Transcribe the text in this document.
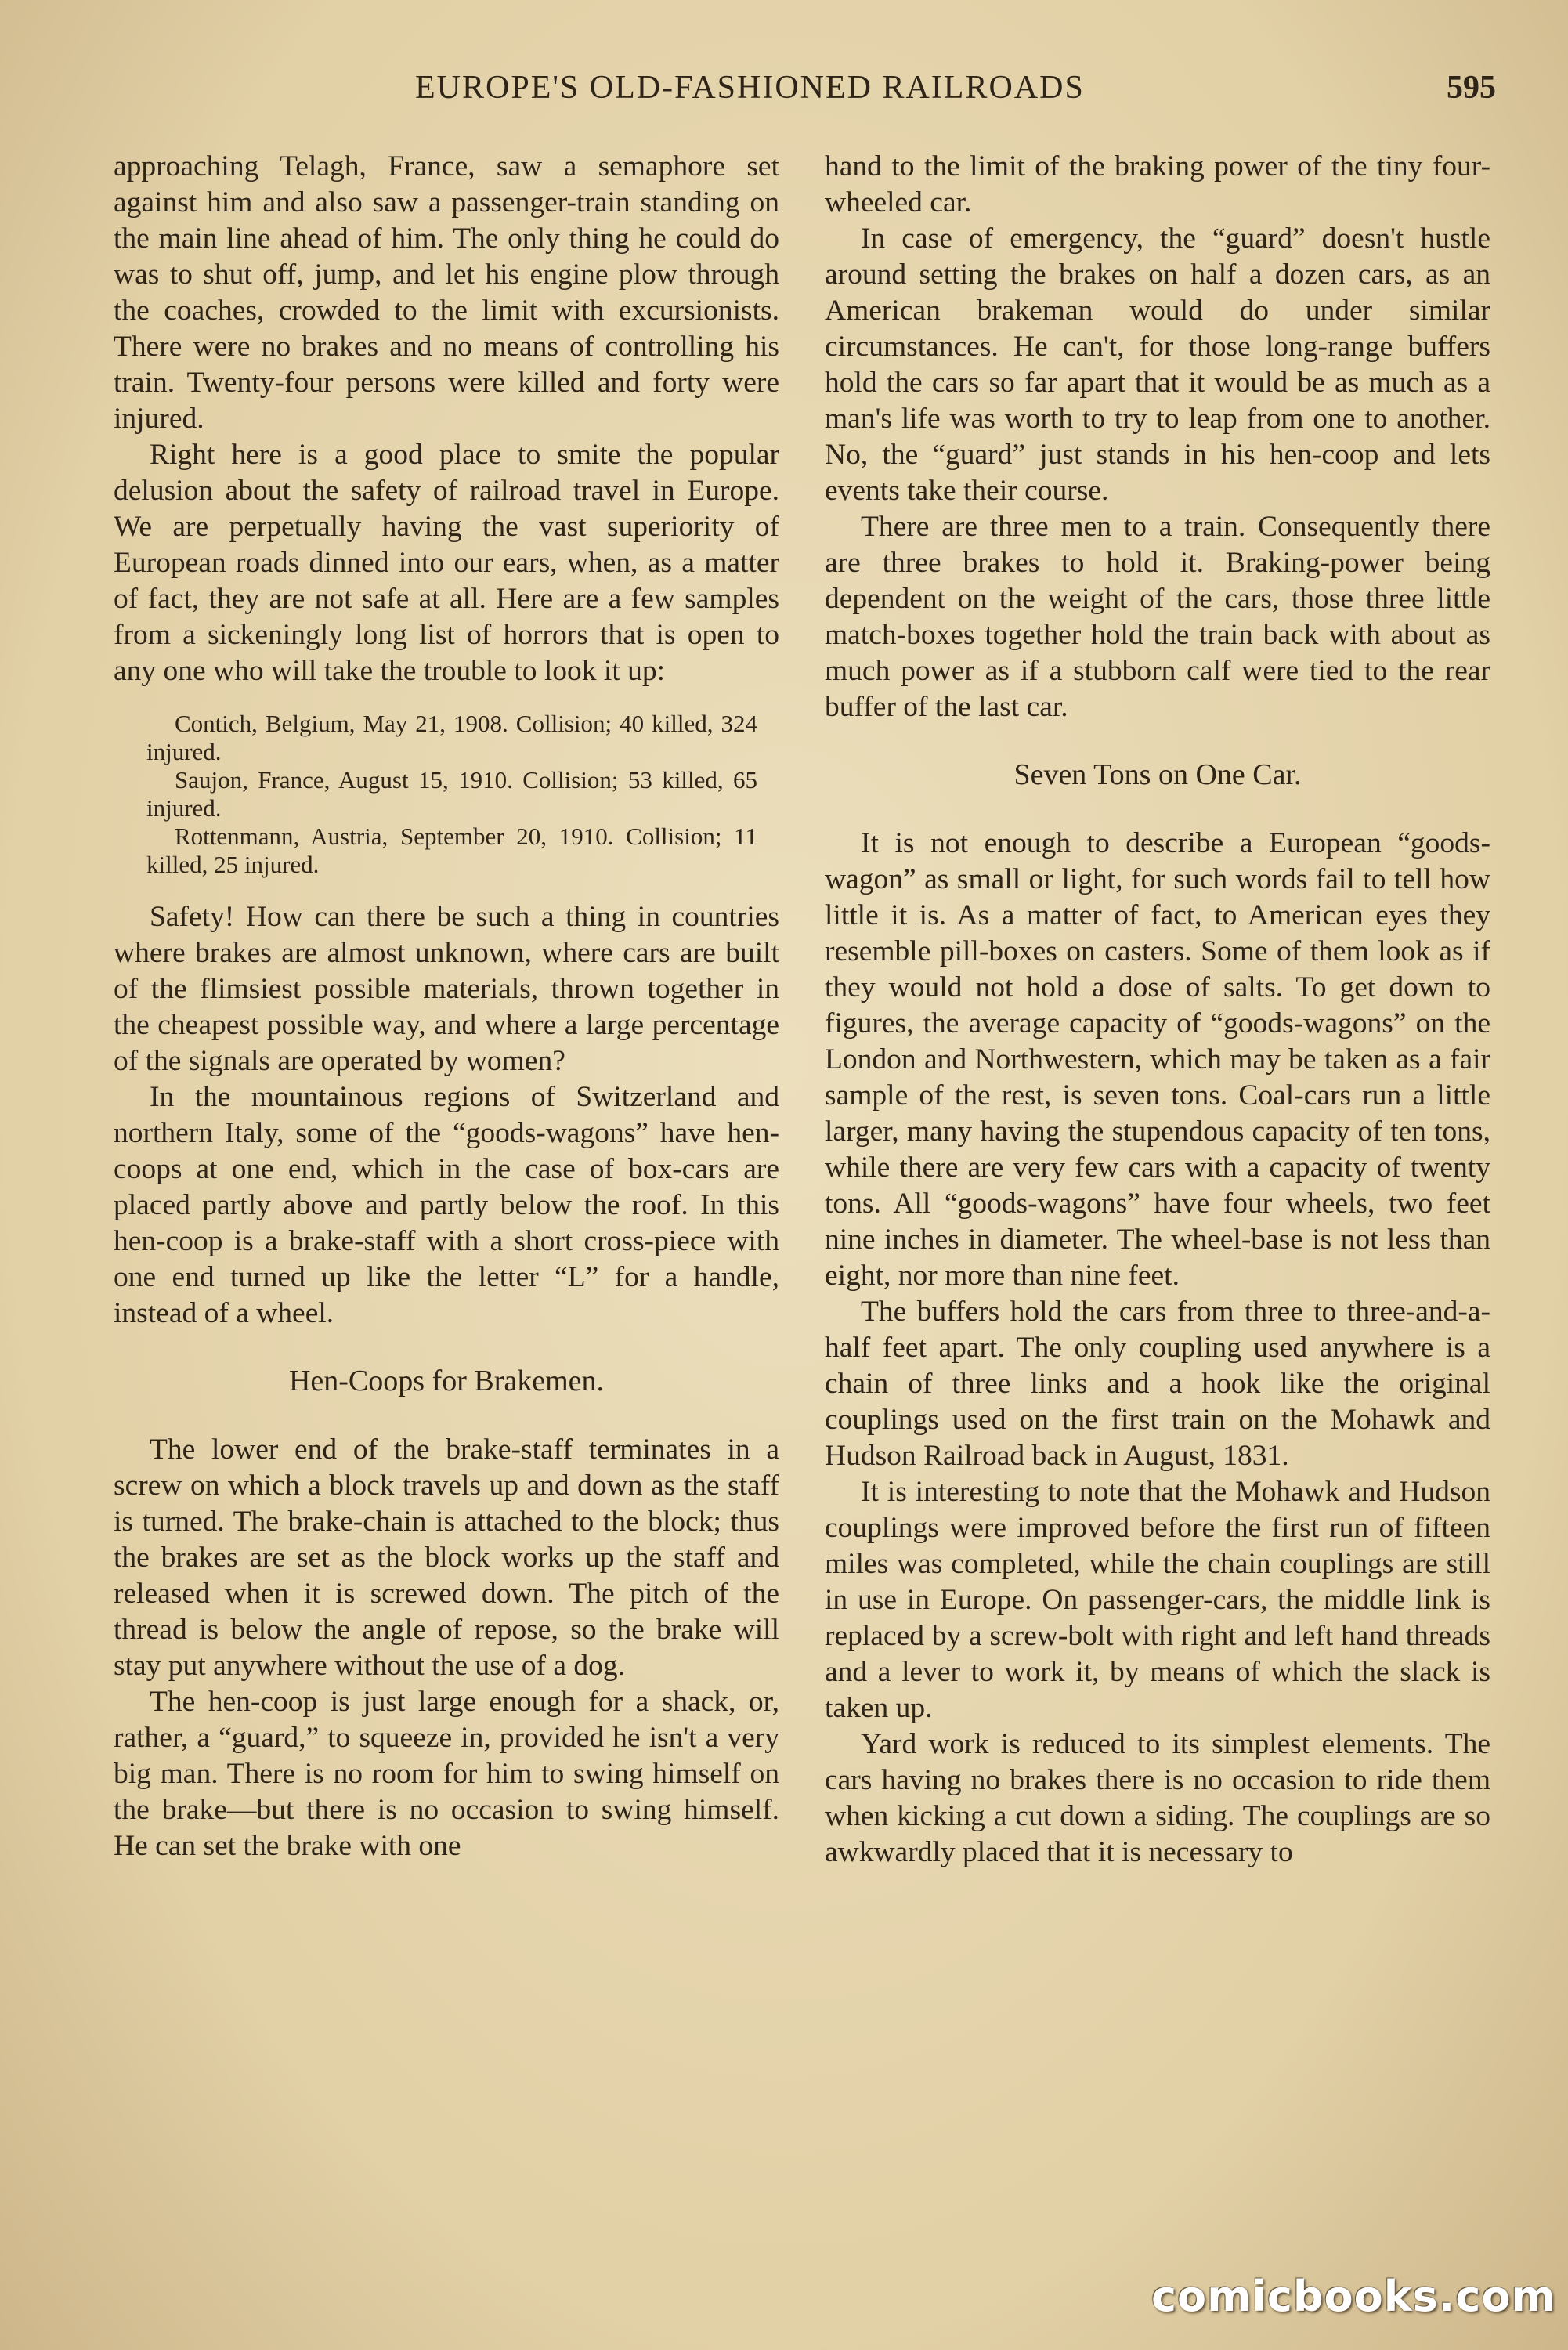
EUROPE'S OLD-FASHIONED RAILROADS	595

approaching Telagh, France, saw a semaphore set against him and also saw a passenger-train standing on the main line ahead of him. The only thing he could do was to shut off, jump, and let his engine plow through the coaches, crowded to the limit with excursionists. There were no brakes and no means of controlling his train. Twenty-four persons were killed and forty were injured.

Right here is a good place to smite the popular delusion about the safety of railroad travel in Europe. We are perpetually having the vast superiority of European roads dinned into our ears, when, as a matter of fact, they are not safe at all. Here are a few samples from a sickeningly long list of horrors that is open to any one who will take the trouble to look it up:

Contich, Belgium, May 21, 1908. Collision; 40 killed, 324 injured.
Saujon, France, August 15, 1910. Collision; 53 killed, 65 injured.
Rottenmann, Austria, September 20, 1910. Collision; 11 killed, 25 injured.

Safety! How can there be such a thing in countries where brakes are almost unknown, where cars are built of the flimsiest possible materials, thrown together in the cheapest possible way, and where a large percentage of the signals are operated by women?

In the mountainous regions of Switzerland and northern Italy, some of the “goods-wagons” have hen-coops at one end, which in the case of box-cars are placed partly above and partly below the roof. In this hen-coop is a brake-staff with a short cross-piece with one end turned up like the letter “L” for a handle, instead of a wheel.

Hen-Coops for Brakemen.

The lower end of the brake-staff terminates in a screw on which a block travels up and down as the staff is turned. The brake-chain is attached to the block; thus the brakes are set as the block works up the staff and released when it is screwed down. The pitch of the thread is below the angle of repose, so the brake will stay put anywhere without the use of a dog.

The hen-coop is just large enough for a shack, or, rather, a “guard,” to squeeze in, provided he isn't a very big man. There is no room for him to swing himself on the brake—but there is no occasion to swing himself. He can set the brake with one

hand to the limit of the braking power of the tiny four-wheeled car.

In case of emergency, the “guard” doesn't hustle around setting the brakes on half a dozen cars, as an American brakeman would do under similar circumstances. He can't, for those long-range buffers hold the cars so far apart that it would be as much as a man's life was worth to try to leap from one to another. No, the “guard” just stands in his hen-coop and lets events take their course.

There are three men to a train. Consequently there are three brakes to hold it. Braking-power being dependent on the weight of the cars, those three little match-boxes together hold the train back with about as much power as if a stubborn calf were tied to the rear buffer of the last car.

Seven Tons on One Car.

It is not enough to describe a European “goods-wagon” as small or light, for such words fail to tell how little it is. As a matter of fact, to American eyes they resemble pill-boxes on casters. Some of them look as if they would not hold a dose of salts. To get down to figures, the average capacity of “goods-wagons” on the London and Northwestern, which may be taken as a fair sample of the rest, is seven tons. Coal-cars run a little larger, many having the stupendous capacity of ten tons, while there are very few cars with a capacity of twenty tons. All “goods-wagons” have four wheels, two feet nine inches in diameter. The wheel-base is not less than eight, nor more than nine feet.

The buffers hold the cars from three to three-and-a-half feet apart. The only coupling used anywhere is a chain of three links and a hook like the original couplings used on the first train on the Mohawk and Hudson Railroad back in August, 1831.

It is interesting to note that the Mohawk and Hudson couplings were improved before the first run of fifteen miles was completed, while the chain couplings are still in use in Europe. On passenger-cars, the middle link is replaced by a screw-bolt with right and left hand threads and a lever to work it, by means of which the slack is taken up.

Yard work is reduced to its simplest elements. The cars having no brakes there is no occasion to ride them when kicking a cut down a siding. The couplings are so awkwardly placed that it is necessary to

comicbooks.com
